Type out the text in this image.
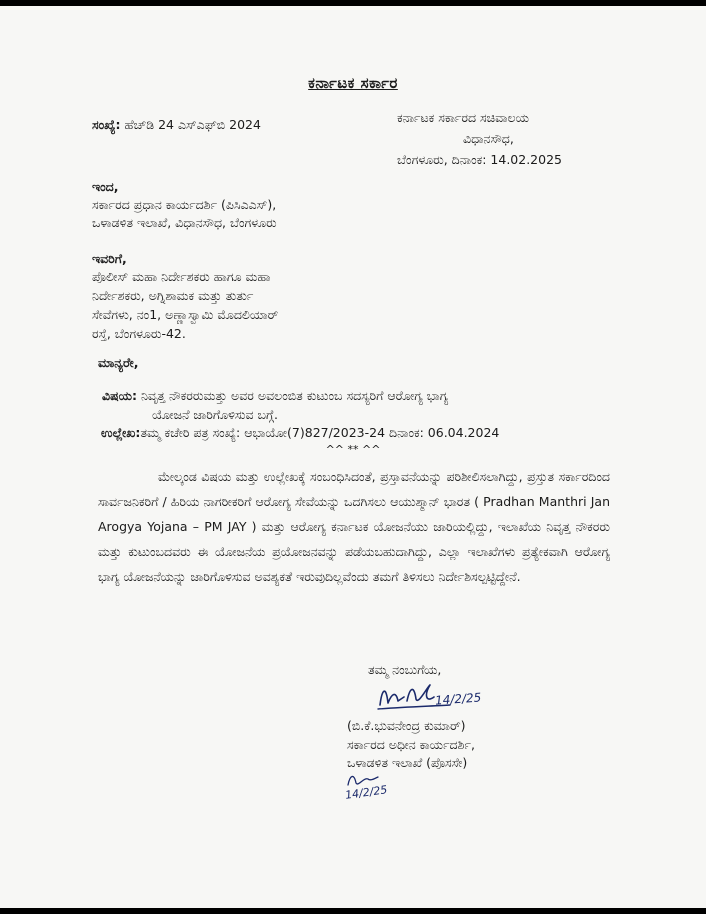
ಕರ್ನಾಟಕ ಸರ್ಕಾರ
ಸಂಖ್ಯೆ: ಹೆಚ್‌ಡಿ 24 ಎಸ್‌ಎಫ್‌ಬಿ 2024	ಕರ್ನಾಟಕ ಸರ್ಕಾರದ ಸಚಿವಾಲಯ
ವಿಧಾನಸೌಧ,
ಬೆಂಗಳೂರು, ದಿನಾಂಕ: 14.02.2025
ಇಂದ,
ಸರ್ಕಾರದ ಪ್ರಧಾನ ಕಾರ್ಯದರ್ಶಿ (ಪಿಸಿಎಎಸ್),
ಒಳಾಡಳಿತ ಇಲಾಖೆ, ವಿಧಾನಸೌಧ, ಬೆಂಗಳೂರು
ಇವರಿಗೆ,
ಪೊಲೀಸ್ ಮಹಾ ನಿರ್ದೇಶಕರು ಹಾಗೂ ಮಹಾ
ನಿರ್ದೇಶಕರು, ಅಗ್ನಿಶಾಮಕ ಮತ್ತು ತುರ್ತು
ಸೇವೆಗಳು, ನಂ1, ಅಣ್ಣಾಸ್ವಾಮಿ ಮೊದಲಿಯಾರ್
ರಸ್ತೆ, ಬೆಂಗಳೂರು-42.
ಮಾನ್ಯರೇ,
ವಿಷಯ: ನಿವೃತ್ತ ನೌಕರರುಮತ್ತು ಅವರ ಅವಲಂಬಿತ ಕುಟುಂಬ ಸದಸ್ಯರಿಗೆ ಆರೋಗ್ಯ ಭಾಗ್ಯ
ಯೋಜನೆ ಜಾರಿಗೊಳಿಸುವ ಬಗ್ಗೆ.
ಉಲ್ಲೇಖ:ತಮ್ಮ ಕಚೇರಿ ಪತ್ರ ಸಂಖ್ಯೆ: ಆಭಾಯೋ(7)827/2023-24 ದಿನಾಂಕ: 06.04.2024
^^ ** ^^

ಮೇಲ್ಕಂಡ ವಿಷಯ ಮತ್ತು ಉಲ್ಲೇಖಕ್ಕೆ ಸಂಬಂಧಿಸಿದಂತೆ, ಪ್ರಸ್ತಾವನೆಯನ್ನು ಪರಿಶೀಲಿಸಲಾಗಿದ್ದು, ಪ್ರಸ್ತುತ ಸರ್ಕಾರದಿಂದ ಸಾರ್ವಜನಿಕರಿಗೆ / ಹಿರಿಯ ನಾಗರೀಕರಿಗೆ ಆರೋಗ್ಯ ಸೇವೆಯನ್ನು ಒದಗಿಸಲು ಆಯುಶ್ಮಾನ್ ಭಾರತ ( Pradhan Manthri Jan Arogya Yojana – PM JAY ) ಮತ್ತು ಆರೋಗ್ಯ ಕರ್ನಾಟಕ ಯೋಜನೆಯು ಜಾರಿಯಲ್ಲಿದ್ದು, ಇಲಾಖೆಯ ನಿವೃತ್ತ ನೌಕರರು ಮತ್ತು ಕುಟುಂಬದವರು ಈ ಯೋಜನೆಯ ಪ್ರಯೋಜನವನ್ನು ಪಡೆಯಬಹುದಾಗಿದ್ದು, ಎಲ್ಲಾ ಇಲಾಖೆಗಳು ಪ್ರತ್ಯೇಕವಾಗಿ ಆರೋಗ್ಯ ಭಾಗ್ಯ ಯೋಜನೆಯನ್ನು ಜಾರಿಗೊಳಿಸುವ ಅವಶ್ಯಕತೆ ಇರುವುದಿಲ್ಲವೆಂದು ತಮಗೆ ತಿಳಿಸಲು ನಿರ್ದೇಶಿಸಲ್ಪಟ್ಟಿದ್ದೇನೆ.

ತಮ್ಮ ನಂಬುಗೆಯ,
14/2/25
(ಬಿ.ಕೆ.ಭುವನೇಂದ್ರ ಕುಮಾರ್)
ಸರ್ಕಾರದ ಅಧೀನ ಕಾರ್ಯದರ್ಶಿ,
ಒಳಾಡಳಿತ ಇಲಾಖೆ (ಪೊಸಸೇ)
14/2/25
